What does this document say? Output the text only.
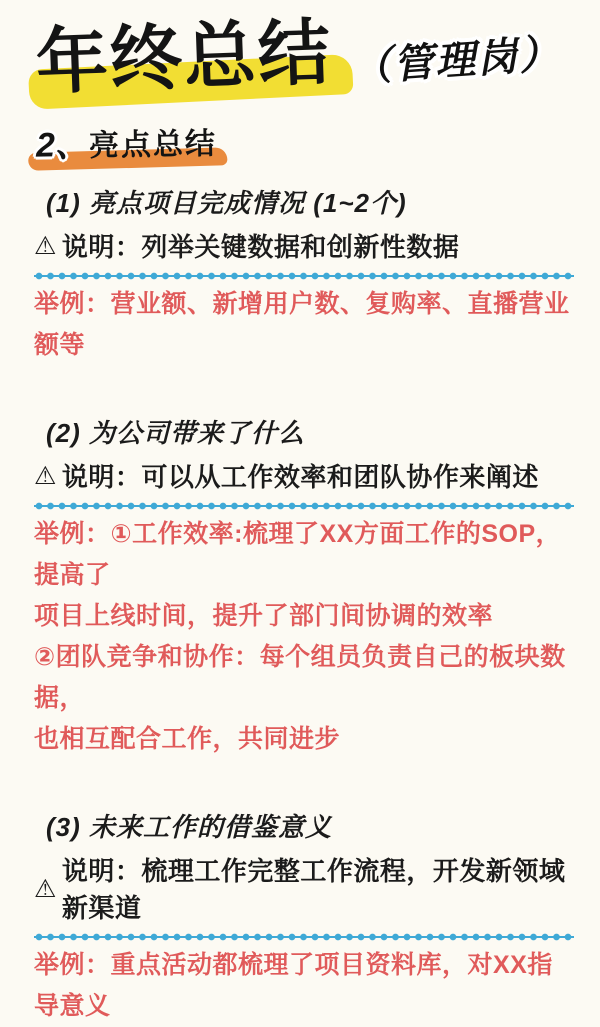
年终总结 （管理岗）
2、亮点总结

(1) 亮点项目完成情况 (1~2个)

⚠ 说明：列举关键数据和创新性数据

举例：营业额、新增用户数、复购率、直播营业额等

(2) 为公司带来了什么

⚠ 说明：可以从工作效率和团队协作来阐述

举例：①工作效率:梳理了XX方面工作的SOP，提高了

项目上线时间，提升了部门间协调的效率

②团队竞争和协作：每个组员负责自己的板块数据，

也相互配合工作，共同进步

(3) 未来工作的借鉴意义

⚠
说明：梳理工作完整工作流程，开发新领域新渠道

举例：重点活动都梳理了项目资料库，对XX指导意义
